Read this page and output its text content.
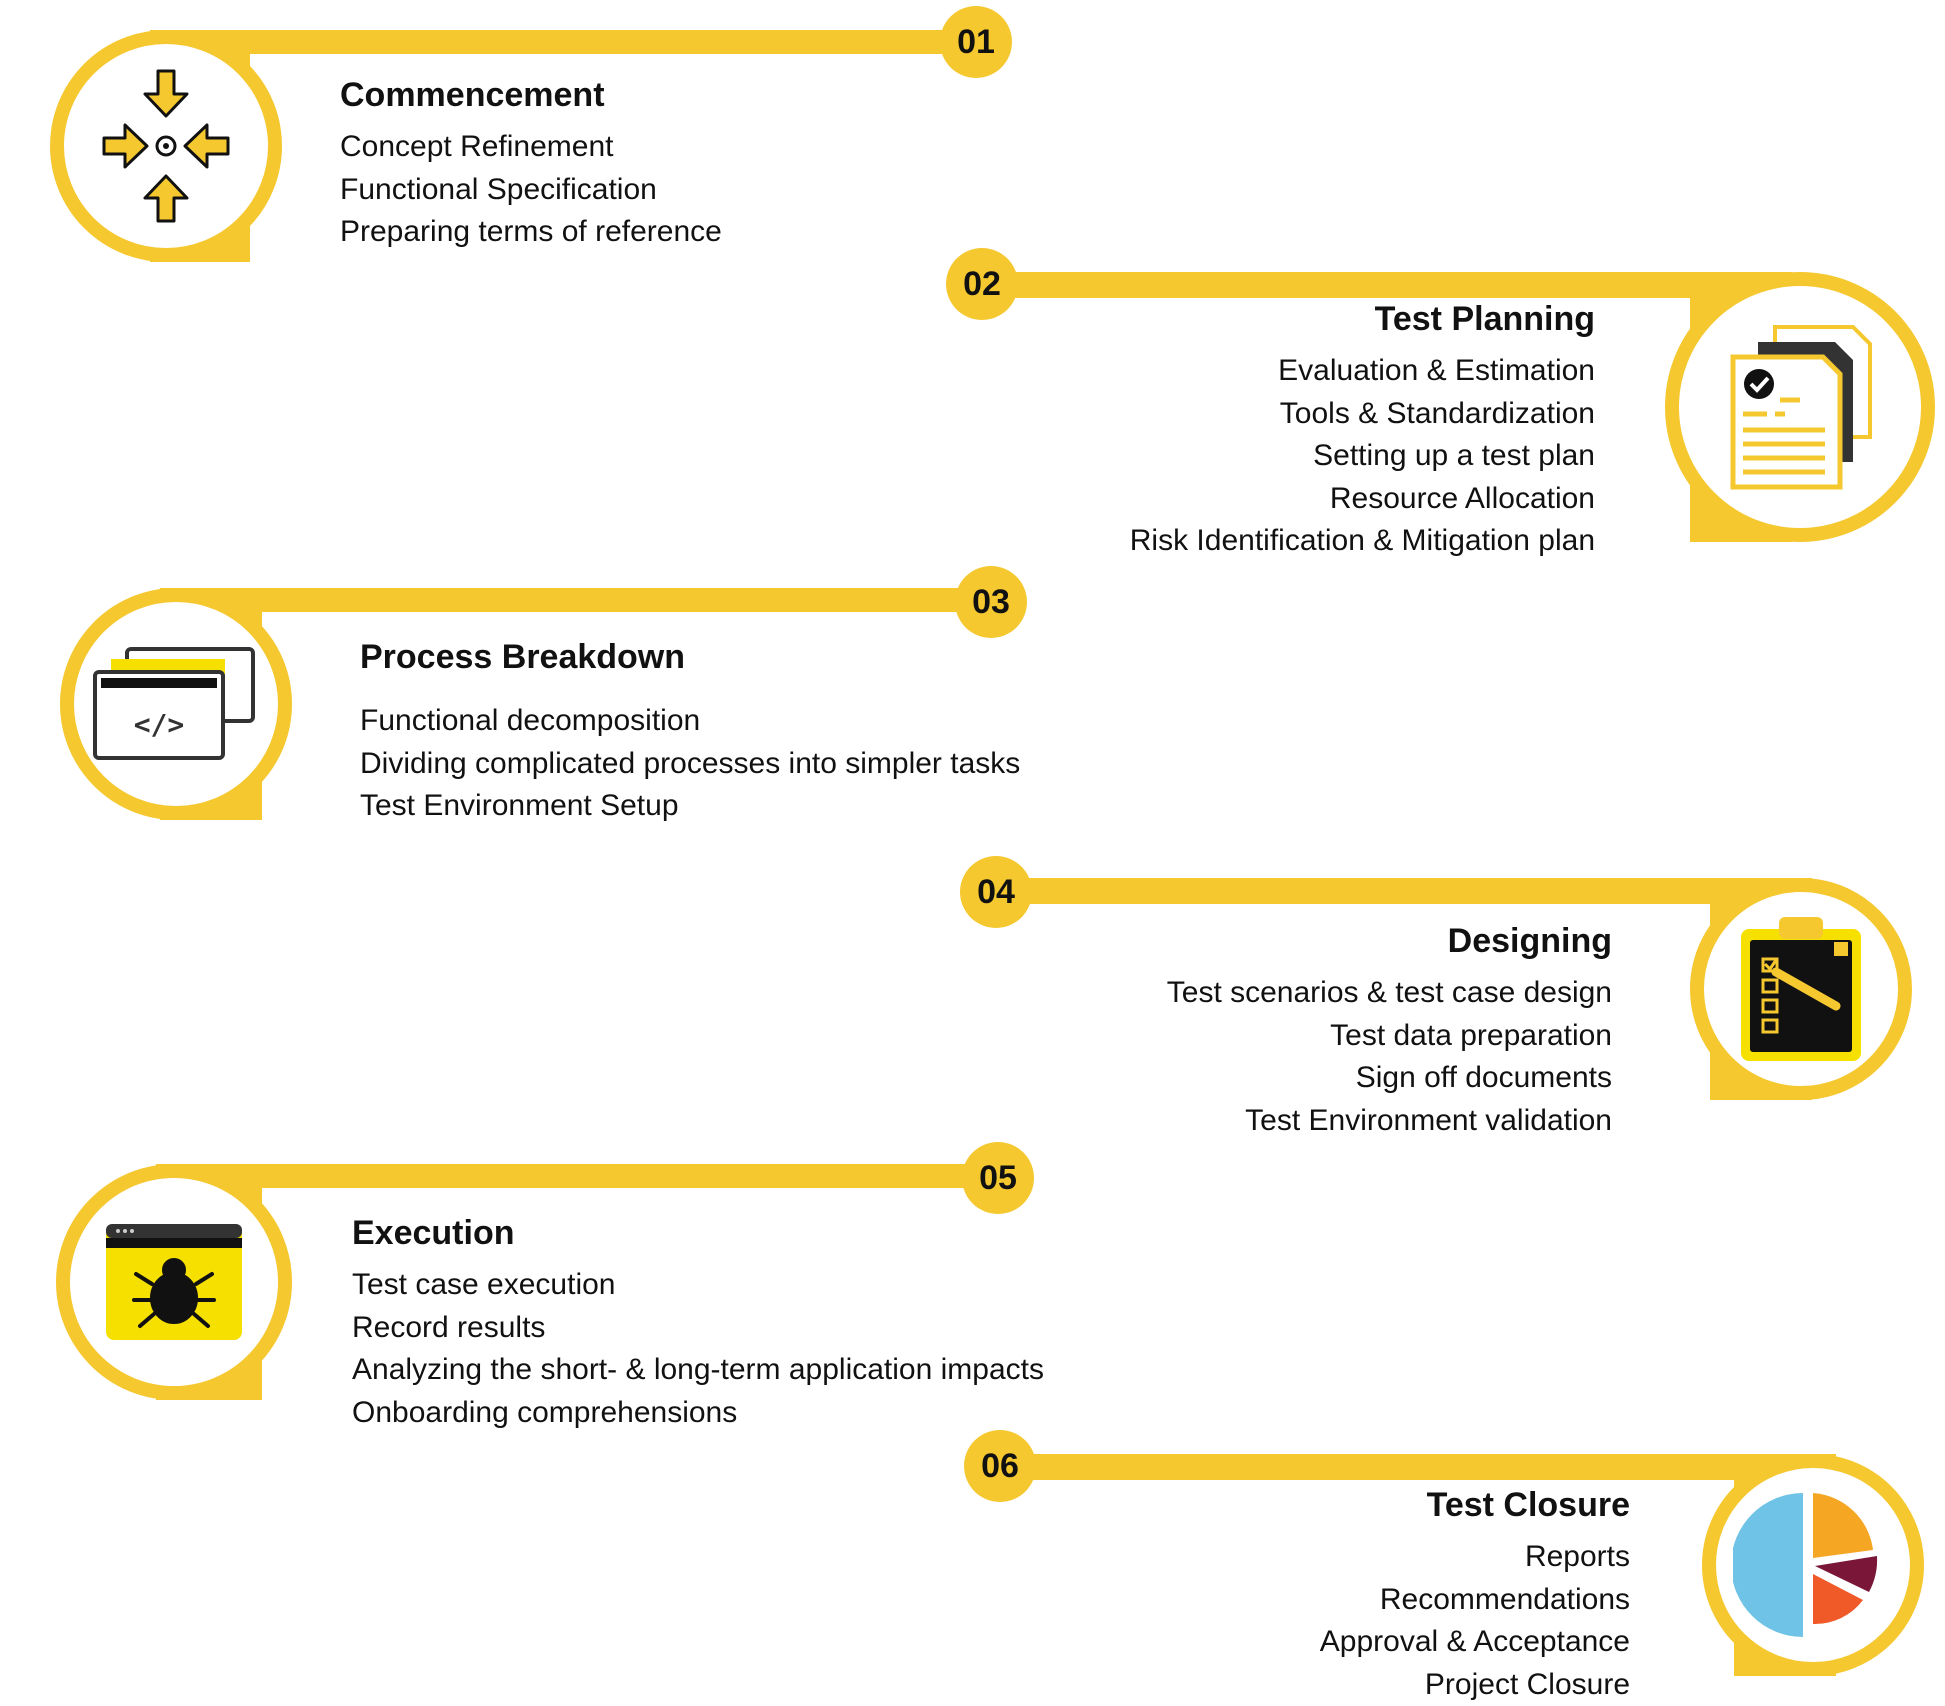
01

Commencement

Concept Refinement

Functional Specification

Preparing terms of reference

02

Test Planning

Evaluation & Estimation

Tools & Standardization

Setting up a test plan

Resource Allocation

Risk Identification & Mitigation plan

</>
03

Process Breakdown

Functional decomposition

Dividing complicated processes into simpler tasks

Test Environment Setup

04

Designing

Test scenarios & test case design

Test data preparation

Sign off documents

Test Environment validation

05

Execution

Test case execution

Record results

Analyzing the short- & long-term application impacts

Onboarding comprehensions

06

Test Closure

Reports

Recommendations

Approval & Acceptance

Project Closure
